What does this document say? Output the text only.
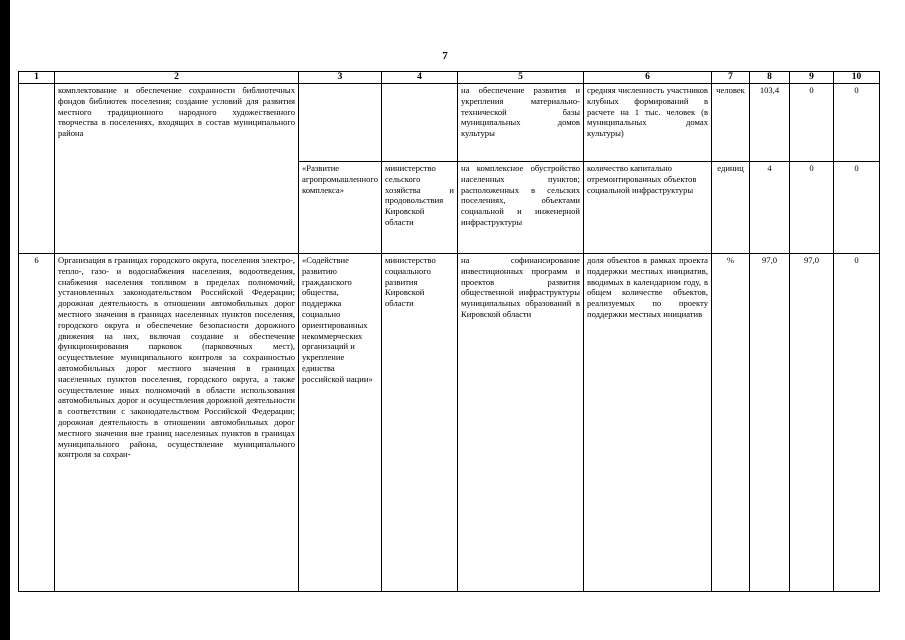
7
1	2	3	4	5	6	7	8	9	10
	комплектование и обеспечение сохранности библиотечных фондов библиотек поселения; создание условий для развития местного традиционного народного художественного творчества в поселениях, входящих в состав муниципального района			на обеспечение развития и укрепления материально-технической базы муниципальных домов культуры	средняя численность участников клубных формирований в расчете на 1 тыс. человек (в муниципальных домах культуры)	человек	103,4	0	0
		«Развитие агропромышленного комплекса»	министерство сельского хозяйства и продовольствия Кировской области	на комплексное обустройство населенных пунктов; расположенных в сельских поселениях, объектами социальной и инженерной инфраструктуры	количество капитально отремонтированных объектов социальной инфраструктуры	единиц	4	0	0
6	Организация в границах городского округа, поселения электро-, тепло-, газо- и водоснабжения населения, водоотведения, снабжения населения топливом в пределах полномочий, установленных законодательством Российской Федерации; дорожная деятельность в отношении автомобильных дорог местного значения в границах населенных пунктов поселения, городского округа и обеспечение безопасности дорожного движения на них, включая создание и обеспечение функционирования парковок (парковочных мест), осуществление муниципального контроля за сохранностью автомобильных дорог местного значения в границах населенных пунктов поселения, городского округа, а также осуществление иных полномочий в области использования автомобильных дорог и осуществления дорожной деятельности в соответствии с законодательством Российской Федерации; дорожная деятельность в отношении автомобильных дорог местного значения вне границ населенных пунктов в границах муниципального района, осуществление муниципального контроля за сохран-	«Содействие развитию гражданского общества, поддержка социально ориентированных некоммерческих организаций и укрепление единства российской нации»	министерство социального развития Кировской области	на софинансирование инвестиционных программ и проектов развития общественной инфраструктуры муниципальных образований в Кировской области	доля объектов в рамках проекта поддержки местных инициатив, вводимых в календарном году, в общем количестве объектов, реализуемых по проекту поддержки местных инициатив	%	97,0	97,0	0
